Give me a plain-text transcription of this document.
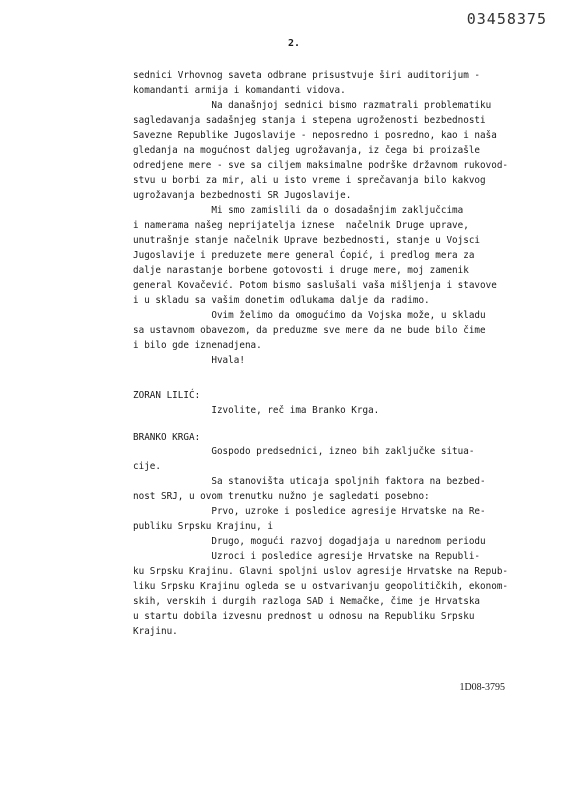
03458375
2.
sednici Vrhovnog saveta odbrane prisustvuje širi auditorijum -
komandanti armija i komandanti vidova.
Na današnjoj sednici bismo razmatrali problematiku
sagledavanja sadašnjeg stanja i stepena ugroženosti bezbednosti
Savezne Republike Jugoslavije - neposredno i posredno, kao i naša
gledanja na mogućnost daljeg ugrožavanja, iz čega bi proizašle
odredjene mere - sve sa ciljem maksimalne podrške državnom rukovod-
stvu u borbi za mir, ali u isto vreme i sprečavanja bilo kakvog
ugrožavanja bezbednosti SR Jugoslavije.
Mi smo zamislili da o dosadašnjim zaključcima
i namerama našeg neprijatelja iznese  načelnik Druge uprave,
unutrašnje stanje načelnik Uprave bezbednosti, stanje u Vojsci
Jugoslavije i preduzete mere general Ćopić, i predlog mera za
dalje narastanje borbene gotovosti i druge mere, moj zamenik
general Kovačević. Potom bismo saslušali vaša mišljenja i stavove
i u skladu sa vašim donetim odlukama dalje da radimo.
Ovim želimo da omogućimo da Vojska može, u skladu
sa ustavnom obavezom, da preduzme sve mere da ne bude bilo čime
i bilo gde iznenadjena.
Hvala!
ZORAN LILIĆ:
Izvolite, reč ima Branko Krga.
BRANKO KRGA:
Gospodo predsednici, izneo bih zaključke situa-
cije.
Sa stanovišta uticaja spoljnih faktora na bezbed-
nost SRJ, u ovom trenutku nužno je sagledati posebno:
Prvo, uzroke i posledice agresije Hrvatske na Re-
publiku Srpsku Krajinu, i
Drugo, mogući razvoj dogadjaja u narednom periodu
Uzroci i posledice agresije Hrvatske na Republi-
ku Srpsku Krajinu. Glavni spoljni uslov agresije Hrvatske na Repub-
liku Srpsku Krajinu ogleda se u ostvarivanju geopolitičkih, ekonom-
skih, verskih i durgih razloga SAD i Nemačke, čime je Hrvatska
u startu dobila izvesnu prednost u odnosu na Republiku Srpsku
Krajinu.
1D08-3795
